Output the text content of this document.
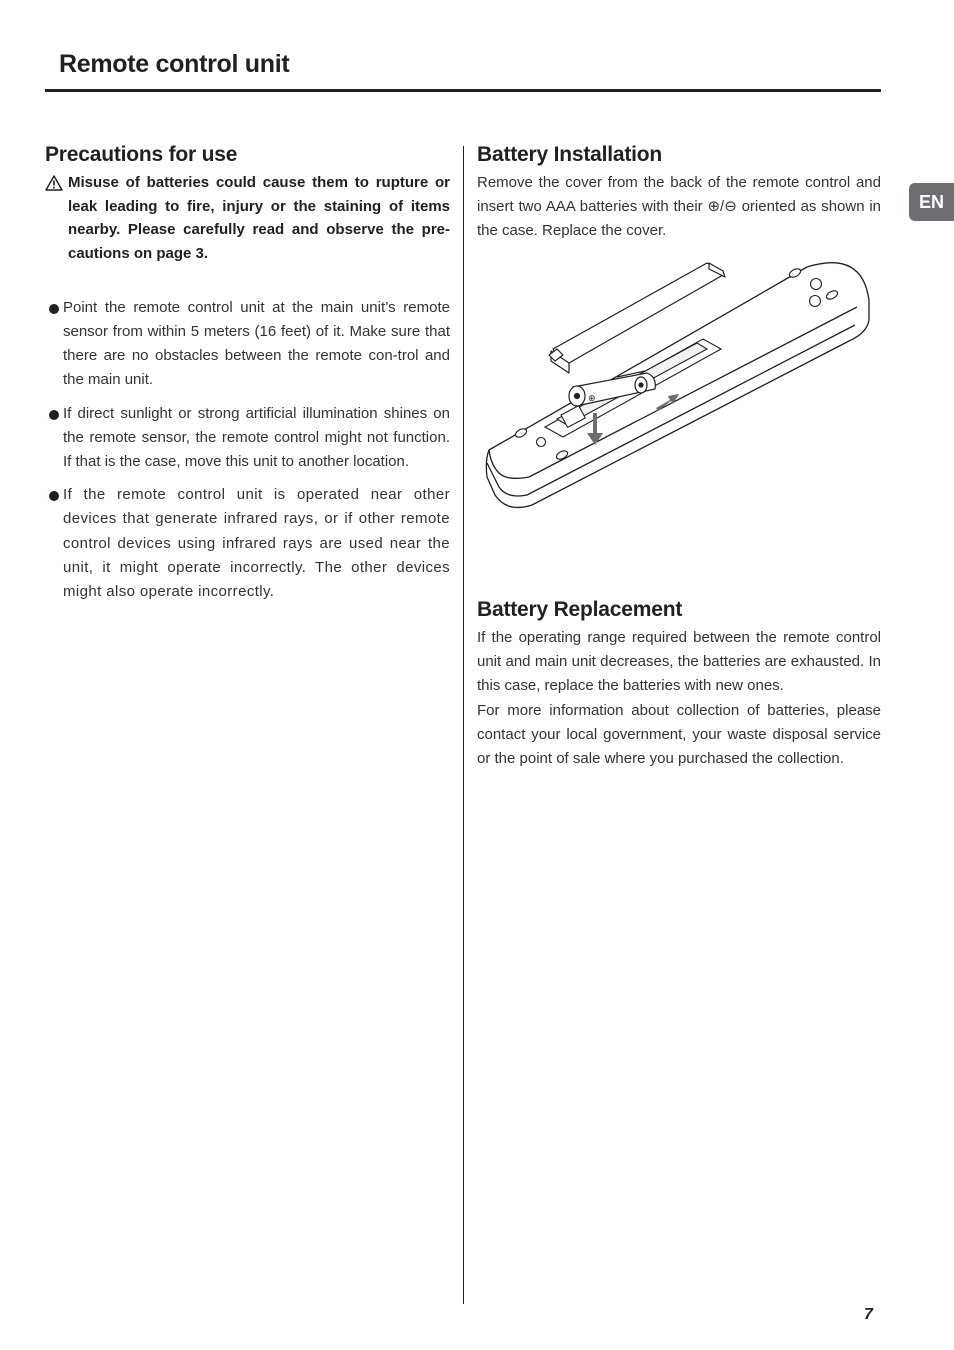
Remote control unit
EN
Precautions for use

Misuse of batteries could cause them to rupture or leak leading to fire, injury or the staining of items nearby. Please carefully read and observe the pre-cautions on page 3.

Point the remote control unit at the main unit’s remote sensor from within 5 meters (16 feet) of it. Make sure that there are no obstacles between the remote con-trol and the main unit.
If direct sunlight or strong artificial illumination shines on the remote sensor, the remote control might not function. If that is the case, move this unit to another location.
If the remote control unit is operated near other devices that generate infrared rays, or if other remote control devices using infrared rays are used near the unit, it might operate incorrectly. The other devices might also operate incorrectly.
Battery Installation

Remove the cover from the back of the remote control and insert two AAA batteries with their ⊕/⊖ oriented as shown in the case. Replace the cover.

⊕
Battery Replacement

If the operating range required between the remote control unit and main unit decreases, the batteries are exhausted. In this case, replace the batteries with new ones.

For more information about collection of batteries, please contact your local government, your waste disposal service or the point of sale where you purchased the collection.

7
